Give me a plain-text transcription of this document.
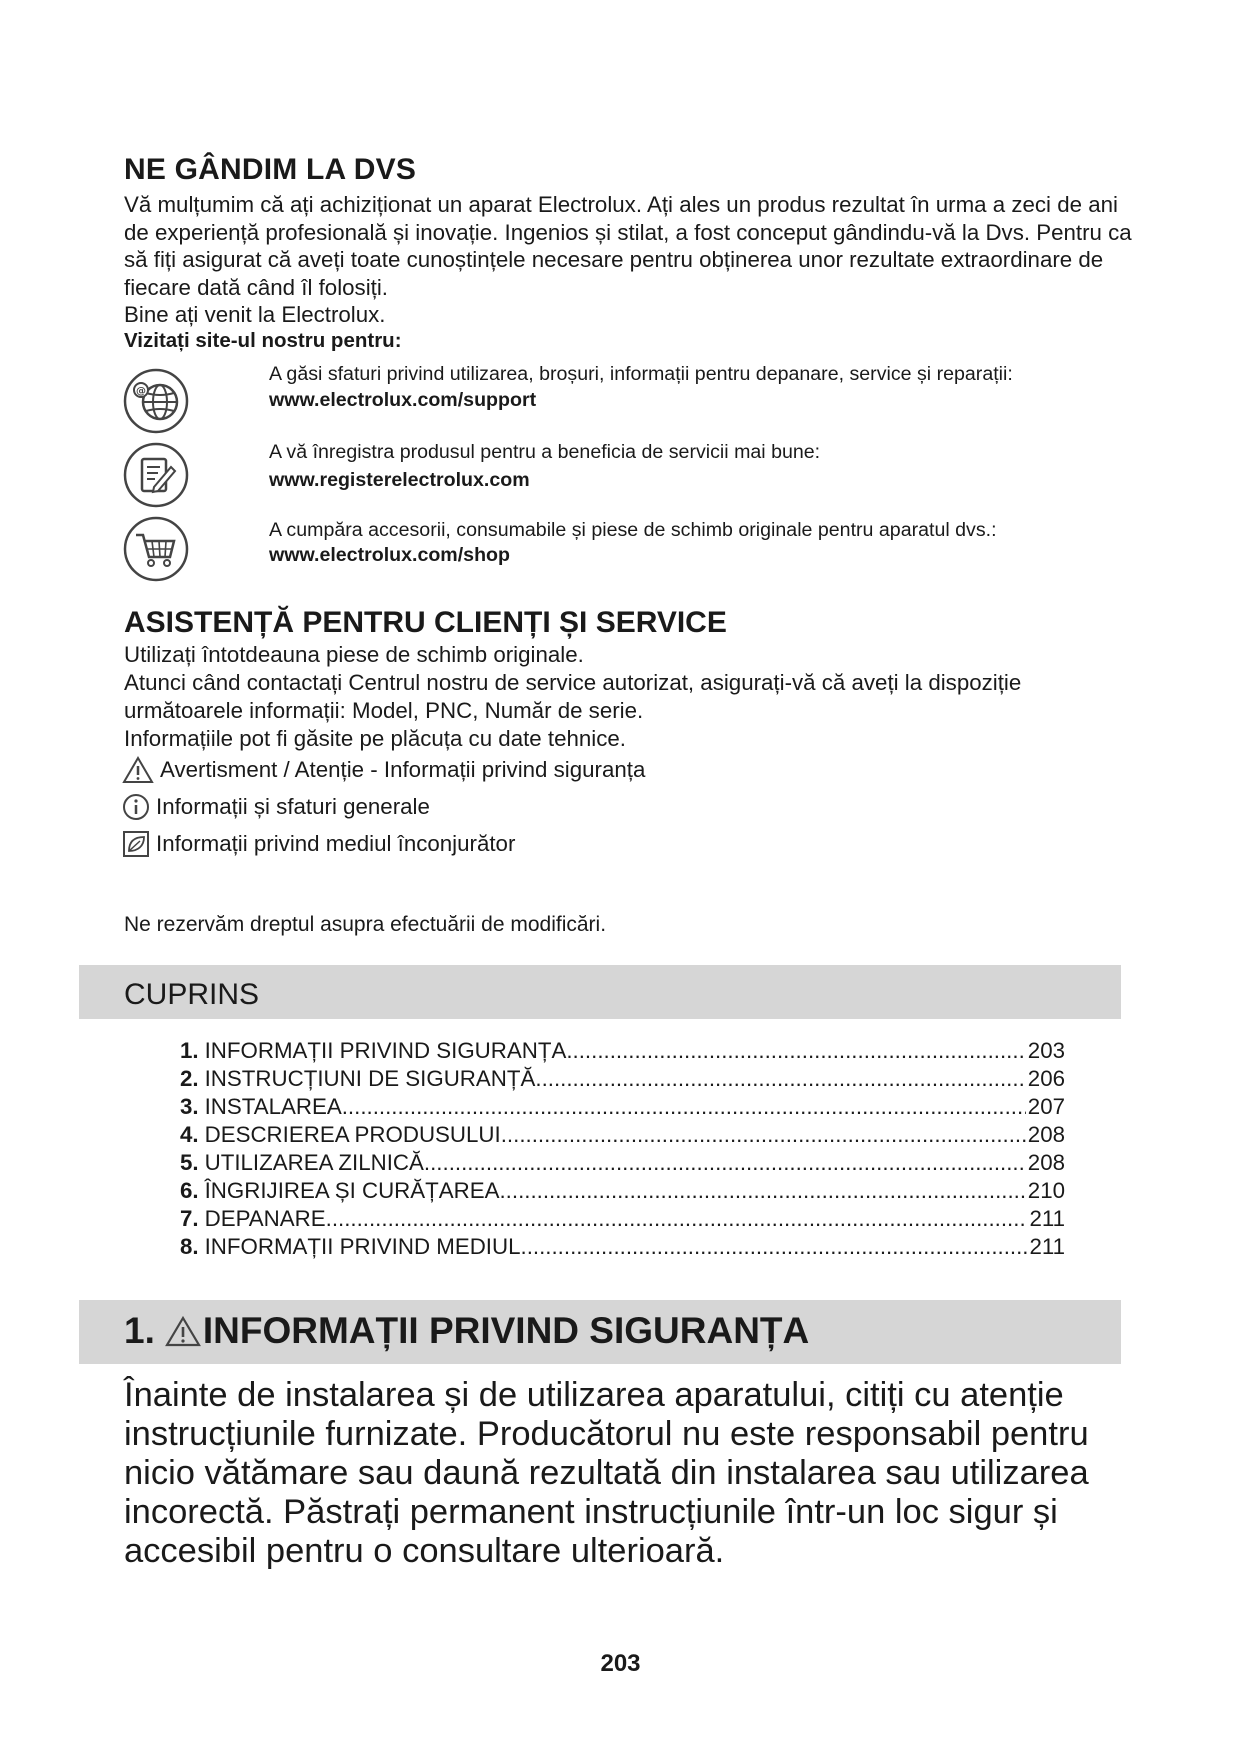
NE GÂNDIM LA DVS

Vă mulțumim că ați achiziționat un aparat Electrolux. Ați ales un produs rezultat în urma a zeci de ani de experiență profesională și inovație. Ingenios și stilat, a fost conceput gândindu-vă la Dvs. Pentru ca să fiți asigurat că aveți toate cunoștințele necesare pentru obținerea unor rezultate extraordinare de fiecare dată când îl folosiți.

Bine ați venit la Electrolux.

Vizitați site-ul nostru pentru:
@
A găsi sfaturi privind utilizarea, broșuri, informații pentru depanare, service și reparații:
www.electrolux.com/support
A vă înregistra produsul pentru a beneficia de servicii mai bune:
www.registerelectrolux.com
A cumpăra accesorii, consumabile și piese de schimb originale pentru aparatul dvs.:
www.electrolux.com/shop
ASISTENȚĂ PENTRU CLIENȚI ȘI SERVICE

Utilizați întotdeauna piese de schimb originale.

Atunci când contactați Centrul nostru de service autorizat, asigurați-vă că aveți la dispoziție următoarele informații: Model, PNC, Număr de serie.

Informațiile pot fi găsite pe plăcuța cu date tehnice.

Avertisment / Atenție - Informații privind siguranța
Informații și sfaturi generale
Informații privind mediul înconjurător
Ne rezervăm dreptul asupra efectuării de modificări.
CUPRINS
1. INFORMAȚII PRIVIND SIGURANȚA .....	203
2. INSTRUCȚIUNI DE SIGURANȚĂ .....	206
3. INSTALAREA .....	207
4. DESCRIEREA PRODUSULUI .....	208
5. UTILIZAREA ZILNICĂ .....	208
6. ÎNGRIJIREA ȘI CURĂȚAREA .....	210
7. DEPANARE .....	211
8. INFORMAȚII PRIVIND MEDIUL .....	211
1. INFORMAȚII PRIVIND SIGURANȚA
Înainte de instalarea și de utilizarea aparatului, citiți cu atenție instrucțiunile furnizate. Producătorul nu este responsabil pentru nicio vătămare sau daună rezultată din instalarea sau utilizarea incorectă. Păstrați permanent instrucțiunile într-un loc sigur și accesibil pentru o consultare ulterioară.
203
